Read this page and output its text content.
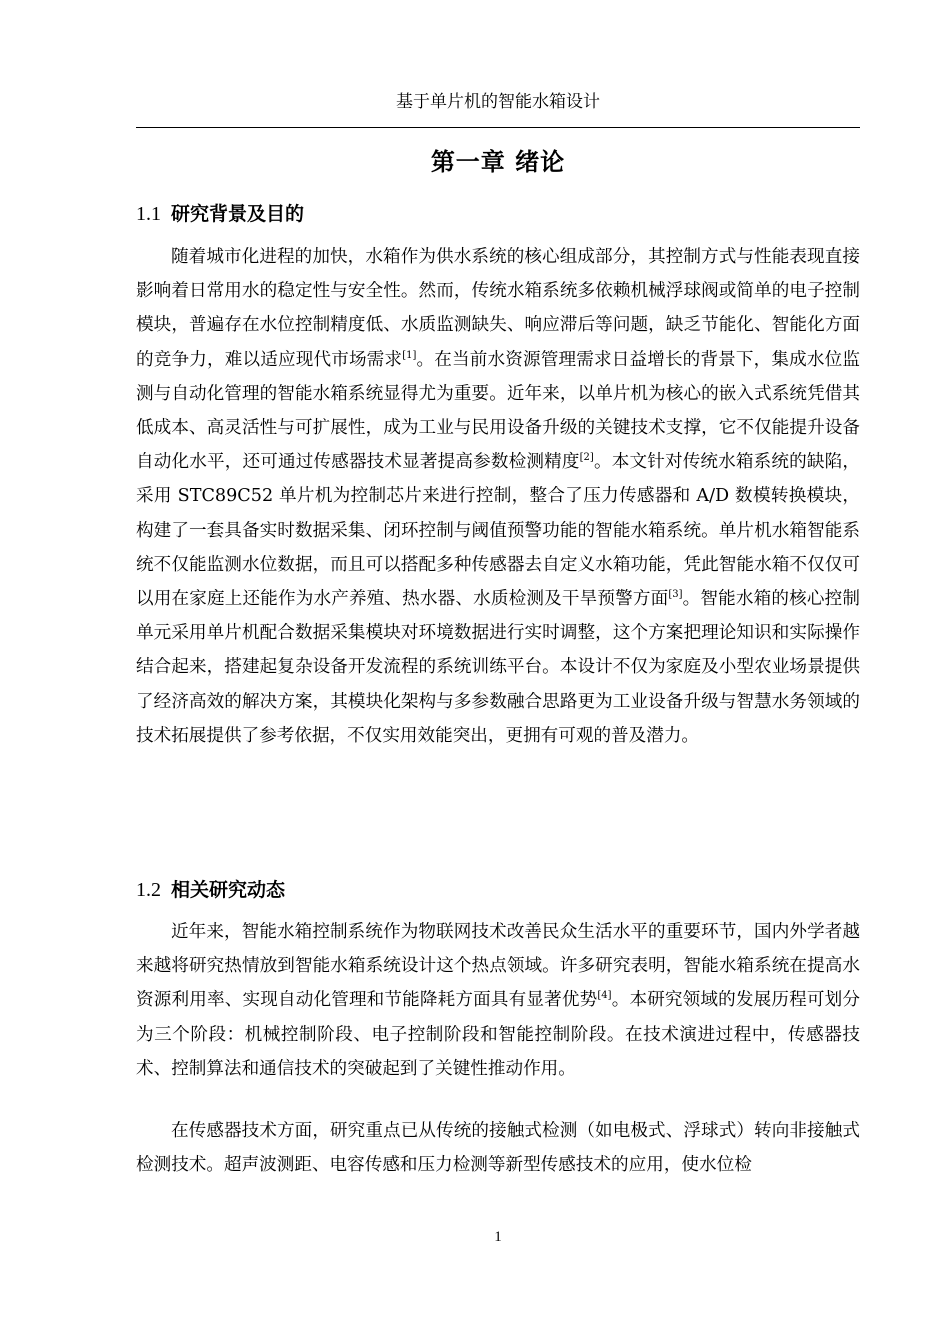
基于单片机的智能水箱设计
第一章 绪论
1.1 研究背景及目的

随着城市化进程的加快，水箱作为供水系统的核心组成部分，其控制方式与性能表现直接影响着日常用水的稳定性与安全性。然而，传统水箱系统多依赖机械浮球阀或简单的电子控制模块，普遍存在水位控制精度低、水质监测缺失、响应滞后等问题，缺乏节能化、智能化方面的竞争力，难以适应现代市场需求[1]。在当前水资源管理需求日益增长的背景下，集成水位监测与自动化管理的智能水箱系统显得尤为重要。近年来，以单片机为核心的嵌入式系统凭借其低成本、高灵活性与可扩展性，成为工业与民用设备升级的关键技术支撑，它不仅能提升设备自动化水平，还可通过传感器技术显著提高参数检测精度[2]。本文针对传统水箱系统的缺陷，采用 STC89C52 单片机为控制芯片来进行控制，整合了压力传感器和 A/D 数模转换模块，构建了一套具备实时数据采集、闭环控制与阈值预警功能的智能水箱系统。单片机水箱智能系统不仅能监测水位数据，而且可以搭配多种传感器去自定义水箱功能，凭此智能水箱不仅仅可以用在家庭上还能作为水产养殖、热水器、水质检测及干旱预警方面[3]。智能水箱的核心控制单元采用单片机配合数据采集模块对环境数据进行实时调整，这个方案把理论知识和实际操作结合起来，搭建起复杂设备开发流程的系统训练平台。本设计不仅为家庭及小型农业场景提供了经济高效的解决方案，其模块化架构与多参数融合思路更为工业设备升级与智慧水务领域的技术拓展提供了参考依据，不仅实用效能突出，更拥有可观的普及潜力。

1.2 相关研究动态

近年来，智能水箱控制系统作为物联网技术改善民众生活水平的重要环节，国内外学者越来越将研究热情放到智能水箱系统设计这个热点领域。许多研究表明，智能水箱系统在提高水资源利用率、实现自动化管理和节能降耗方面具有显著优势[4]。本研究领域的发展历程可划分为三个阶段：机械控制阶段、电子控制阶段和智能控制阶段。在技术演进过程中，传感器技术、控制算法和通信技术的突破起到了关键性推动作用。

在传感器技术方面，研究重点已从传统的接触式检测（如电极式、浮球式）转向非接触式检测技术。超声波测距、电容传感和压力检测等新型传感技术的应用，使水位检

1
